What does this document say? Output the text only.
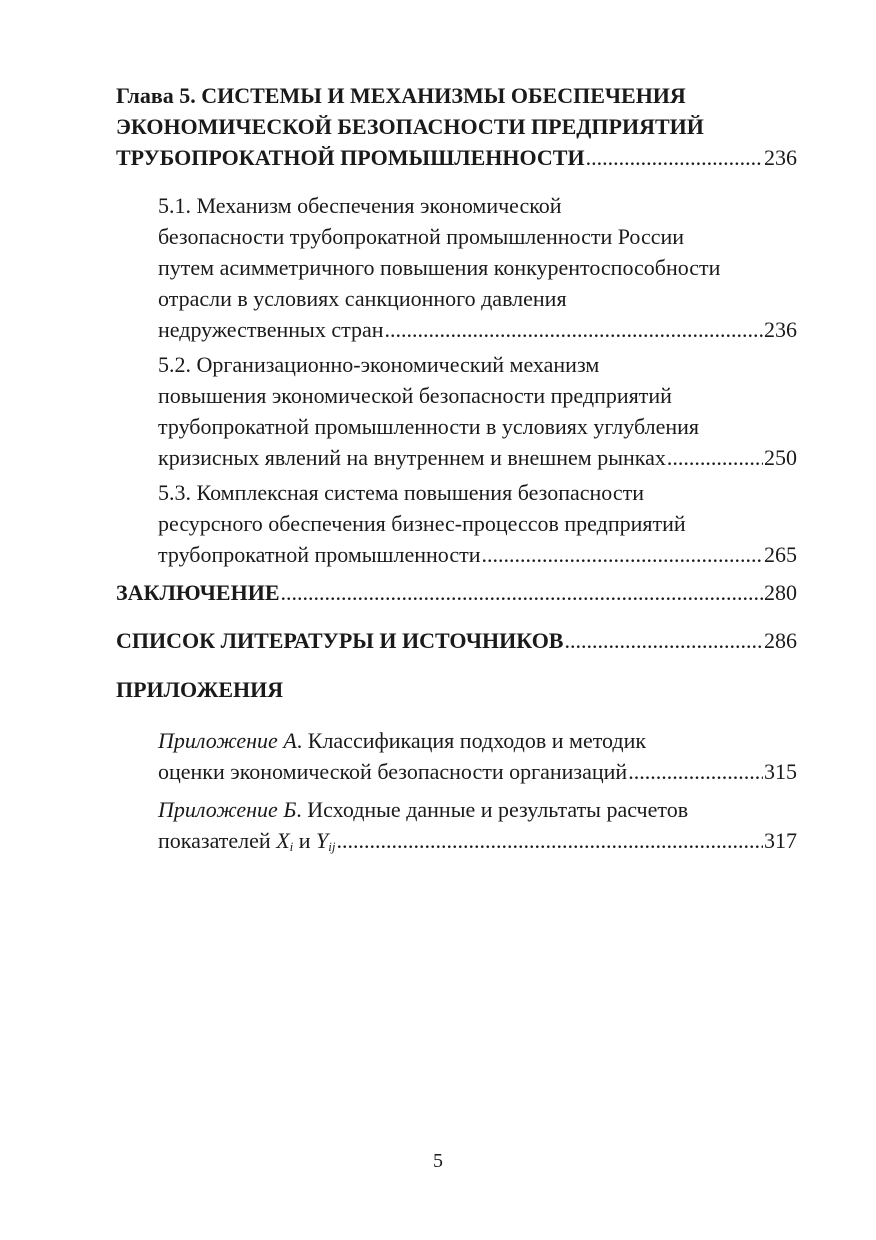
Глава 5. СИСТЕМЫ И МЕХАНИЗМЫ ОБЕСПЕЧЕНИЯ
ЭКОНОМИЧЕСКОЙ БЕЗОПАСНОСТИ ПРЕДПРИЯТИЙ
ТРУБОПРОКАТНОЙ ПРОМЫШЛЕННОСТИ .....	236
5.1. Механизм обеспечения экономической
безопасности трубопрокатной промышленности России
путем асимметричного повышения конкурентоспособности
отрасли в условиях санкционного давления
недружественных стран .....	236
5.2. Организационно-экономический механизм
повышения экономической безопасности предприятий
трубопрокатной промышленности в условиях углубления
кризисных явлений на внутреннем и внешнем рынках .....	250
5.3. Комплексная система повышения безопасности
ресурсного обеспечения бизнес-процессов предприятий
трубопрокатной промышленности .....	265
ЗАКЛЮЧЕНИЕ .....	280
СПИСОК ЛИТЕРАТУРЫ И ИСТОЧНИКОВ .....	286
ПРИЛОЖЕНИЯ
Приложение А. Классификация подходов и методик
оценки экономической безопасности организаций .....	315
Приложение Б. Исходные данные и результаты расчетов
показателей $X_i$ и $Y_{ij}$ .....	317
5
